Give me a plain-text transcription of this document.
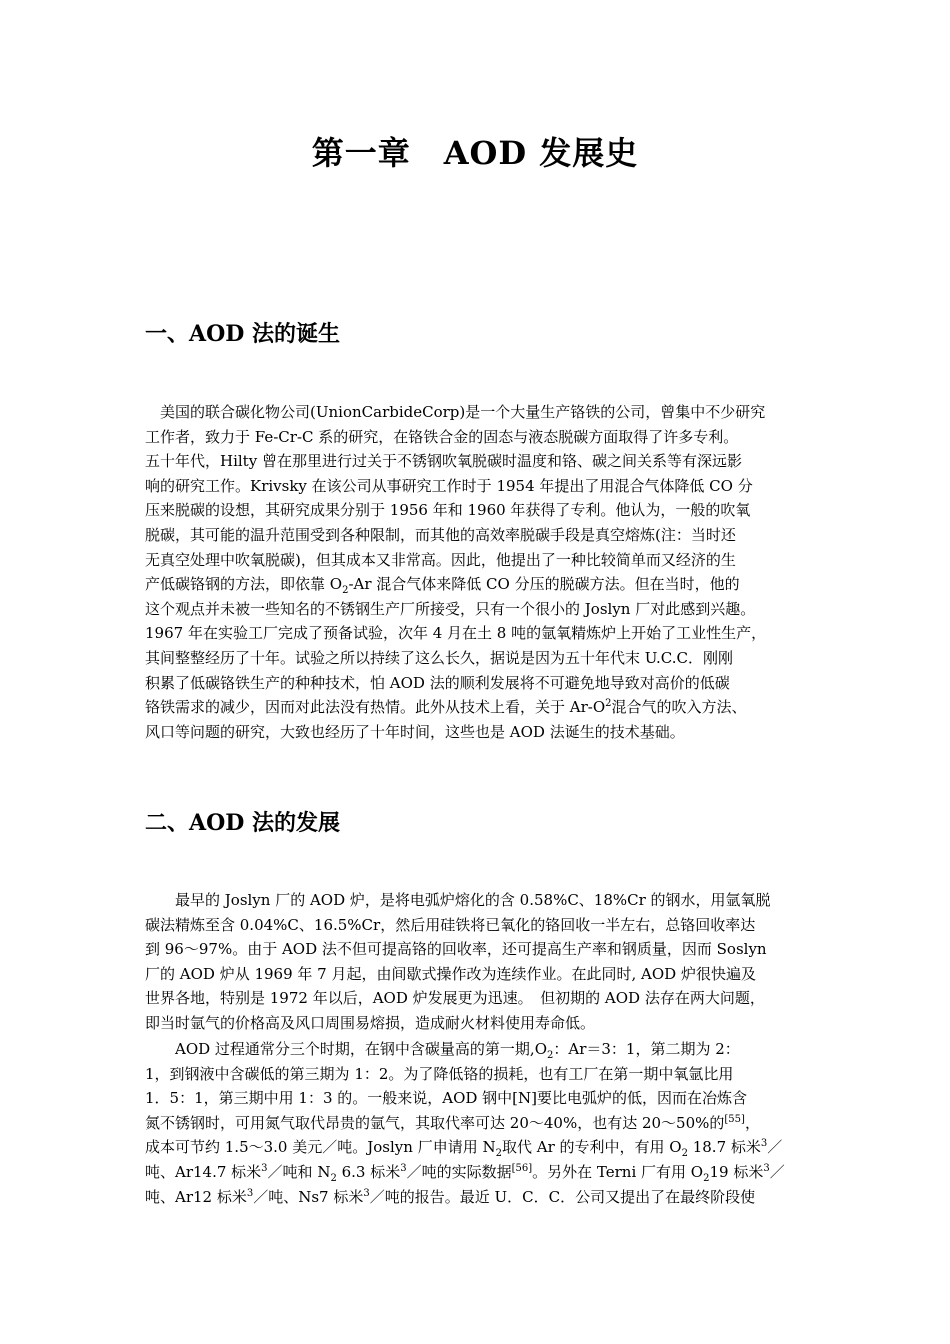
第一章　AOD 发展史
一、AOD 法的诞生
　美国的联合碳化物公司(UnionCarbideCorp)是一个大量生产铬铁的公司，曾集中不少研究
工作者，致力于 Fe-Cr-C 系的研究，在铬铁合金的固态与液态脱碳方面取得了许多专利。
五十年代，Hilty 曾在那里进行过关于不锈钢吹氧脱碳时温度和铬、碳之间关系等有深远影
响的研究工作。Krivsky 在该公司从事研究工作时于 1954 年提出了用混合气体降低 CO 分
压来脱碳的设想，其研究成果分别于 1956 年和 1960 年获得了专利。他认为，一般的吹氧
脱碳，其可能的温升范围受到各种限制，而其他的高效率脱碳手段是真空熔炼(注：当时还
无真空处理中吹氧脱碳)，但其成本又非常高。因此，他提出了一种比较简单而又经济的生
产低碳铬钢的方法，即依靠 $O_2-Ar$ 混合气体来降低 CO 分压的脱碳方法。但在当时，他的
这个观点并未被一些知名的不锈钢生产厂所接受，只有一个很小的 Joslyn 厂对此感到兴趣。
1967 年在实验工厂完成了预备试验，次年 4 月在土 8 吨的氩氧精炼炉上开始了工业性生产，
其间整整经历了十年。试验之所以持续了这么长久，据说是因为五十年代末 U.C.C．刚刚
积累了低碳铬铁生产的种种技术，怕 AOD 法的顺利发展将不可避免地导致对高价的低碳
铬铁需求的减少，因而对此法没有热情。此外从技术上看，关于 $Ar-O^2$混合气的吹入方法、
风口等问题的研究，大致也经历了十年时间，这些也是 AOD 法诞生的技术基础。
二、AOD 法的发展
　　最早的 Joslyn 厂的 AOD 炉，是将电弧炉熔化的含 0.58%C、18%Cr 的钢水，用氩氧脱
碳法精炼至含 0.04%C、16.5%Cr，然后用硅铁将已氧化的铬回收一半左右，总铬回收率达
到 96～97%。由于 AOD 法不但可提高铬的回收率，还可提高生产率和钢质量，因而 Soslyn
厂的 AOD 炉从 1969 年 7 月起，由间歇式操作改为连续作业。在此同时, AOD 炉很快遍及
世界各地，特别是 1972 年以后，AOD 炉发展更为迅速。　但初期的 AOD 法存在两大问题，
即当时氩气的价格高及风口周围易熔损，造成耐火材料使用寿命低。
　　AOD 过程通常分三个时期，在钢中含碳量高的第一期$,O_2$：Ar＝3：1，第二期为 2：
1，到钢液中含碳低的第三期为 1：2。为了降低铬的损耗，也有工厂在第一期中氧氩比用
1．5：1，第三期中用 1：3 的。一般来说，AOD 钢中[N]要比电弧炉的低，因而在冶炼含
氮不锈钢时，可用氮气取代昂贵的氩气，其取代率可达 20～40%，也有达 20～50%的[55]，
成本可节约 1.5～3.0 美元／吨。Joslyn 厂申请用 $N_2$取代 Ar 的专利中，有用 $O_2$ 18.7 标米$^3$／
吨、Ar14.7 标米$^3$／吨和 $N_2$ 6.3 标米$^3$／吨的实际数据[56]。另外在 Terni 厂有用 $O_219$ 标米$^3$／
吨、Ar12 标米$^3$／吨、Ns7 标米$^3$／吨的报告。最近 U．C．C．公司又提出了在最终阶段使
